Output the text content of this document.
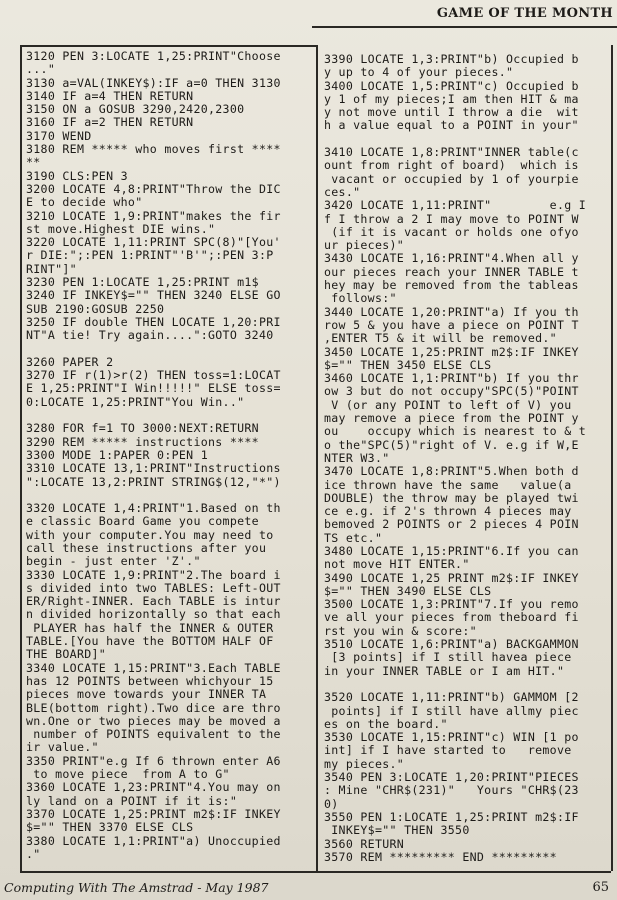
GAME OF THE MONTH
3120 PEN 3:LOCATE 1,25:PRINT"Choose
..."
3130 a=VAL(INKEY$):IF a=0 THEN 3130
3140 IF a=4 THEN RETURN
3150 ON a GOSUB 3290,2420,2300
3160 IF a=2 THEN RETURN
3170 WEND
3180 REM ***** who moves first ****
**
3190 CLS:PEN 3
3200 LOCATE 4,8:PRINT"Throw the DIC
E to decide who"
3210 LOCATE 1,9:PRINT"makes the fir
st move.Highest DIE wins."
3220 LOCATE 1,11:PRINT SPC(8)"[You'
r DIE:";:PEN 1:PRINT"'B'";:PEN 3:P
RINT"]"
3230 PEN 1:LOCATE 1,25:PRINT m1$
3240 IF INKEY$="" THEN 3240 ELSE GO
SUB 2190:GOSUB 2250
3250 IF double THEN LOCATE 1,20:PRI
NT"A tie! Try again....":GOTO 3240

3260 PAPER 2
3270 IF r(1)>r(2) THEN toss=1:LOCAT
E 1,25:PRINT"I Win!!!!!" ELSE toss=
0:LOCATE 1,25:PRINT"You Win.."

3280 FOR f=1 TO 3000:NEXT:RETURN
3290 REM ***** instructions ****
3300 MODE 1:PAPER 0:PEN 1
3310 LOCATE 13,1:PRINT"Instructions
":LOCATE 13,2:PRINT STRING$(12,"*")

3320 LOCATE 1,4:PRINT"1.Based on th
e classic Board Game you compete
with your computer.You may need to
call these instructions after you
begin - just enter 'Z'."
3330 LOCATE 1,9:PRINT"2.The board i
s divided into two TABLES: Left-OUT
ER/Right-INNER. Each TABLE is intur
n divided horizontally so that each
PLAYER has half the INNER & OUTER
TABLE.[You have the BOTTOM HALF OF
THE BOARD]"
3340 LOCATE 1,15:PRINT"3.Each TABLE
has 12 POINTS between whichyour 15
pieces move towards your INNER TA
BLE(bottom right).Two dice are thro
wn.One or two pieces may be moved a
number of POINTS equivalent to the
ir value."
3350 PRINT"e.g If 6 thrown enter A6
to move piece  from A to G"
3360 LOCATE 1,23:PRINT"4.You may on
ly land on a POINT if it is:"
3370 LOCATE 1,25:PRINT m2$:IF INKEY
$="" THEN 3370 ELSE CLS
3380 LOCATE 1,1:PRINT"a) Unoccupied
."

3390 LOCATE 1,3:PRINT"b) Occupied b
y up to 4 of your pieces."
3400 LOCATE 1,5:PRINT"c) Occupied b
y 1 of my pieces;I am then HIT & ma
y not move until I throw a die  wit
h a value equal to a POINT in your"

3410 LOCATE 1,8:PRINT"INNER table(c
ount from right of board)  which is
vacant or occupied by 1 of yourpie
ces."
3420 LOCATE 1,11:PRINT"        e.g I
f I throw a 2 I may move to POINT W
(if it is vacant or holds one ofyo
ur pieces)"
3430 LOCATE 1,16:PRINT"4.When all y
our pieces reach your INNER TABLE t
hey may be removed from the tableas
follows:"
3440 LOCATE 1,20:PRINT"a) If you th
row 5 & you have a piece on POINT T
,ENTER T5 & it will be removed."
3450 LOCATE 1,25:PRINT m2$:IF INKEY
$="" THEN 3450 ELSE CLS
3460 LOCATE 1,1:PRINT"b) If you thr
ow 3 but do not occupy"SPC(5)"POINT
V (or any POINT to left of V) you
may remove a piece from the POINT y
ou    occupy which is nearest to & t
o the"SPC(5)"right of V. e.g if W,E
NTER W3."
3470 LOCATE 1,8:PRINT"5.When both d
ice thrown have the same   value(a
DOUBLE) the throw may be played twi
ce e.g. if 2's thrown 4 pieces may
bemoved 2 POINTS or 2 pieces 4 POIN
TS etc."
3480 LOCATE 1,15:PRINT"6.If you can
not move HIT ENTER."
3490 LOCATE 1,25 PRINT m2$:IF INKEY
$="" THEN 3490 ELSE CLS
3500 LOCATE 1,3:PRINT"7.If you remo
ve all your pieces from theboard fi
rst you win & score:"
3510 LOCATE 1,6:PRINT"a) BACKGAMMON
[3 points] if I still havea piece
in your INNER TABLE or I am HIT."

3520 LOCATE 1,11:PRINT"b) GAMMOM [2
points] if I still have allmy piec
es on the board."
3530 LOCATE 1,15:PRINT"c) WIN [1 po
int] if I have started to   remove
my pieces."
3540 PEN 3:LOCATE 1,20:PRINT"PIECES
: Mine "CHR$(231)"   Yours "CHR$(23
0)
3550 PEN 1:LOCATE 1,25:PRINT m2$:IF
INKEY$="" THEN 3550
3560 RETURN
3570 REM ********* END *********

Computing With The Amstrad - May 1987	65
